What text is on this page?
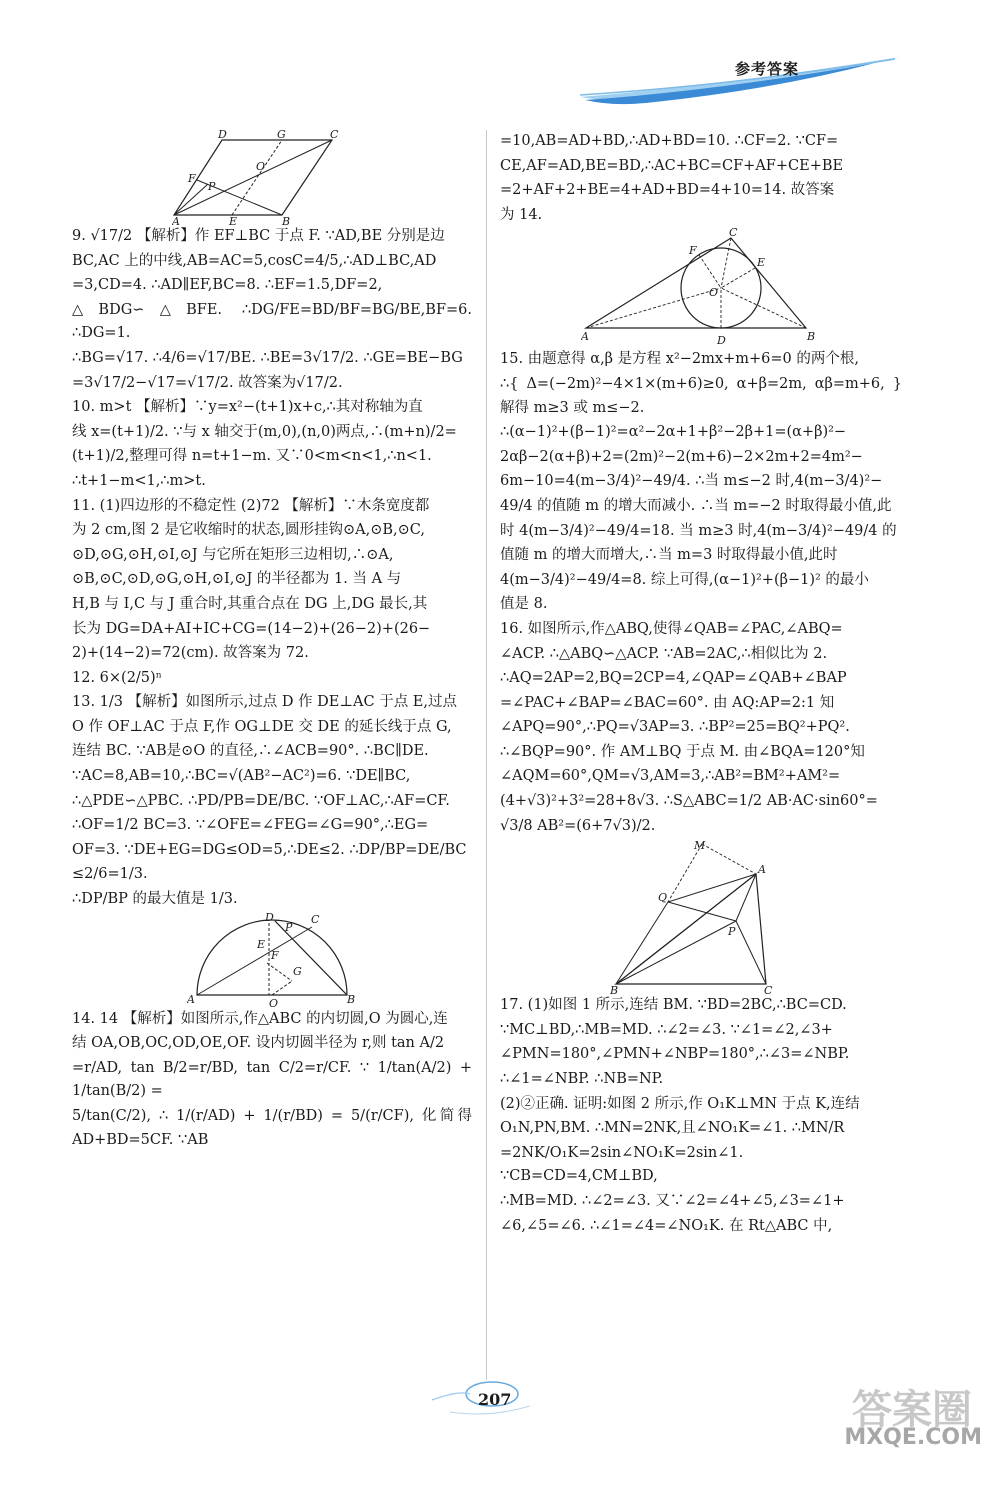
参考答案
D	G	C
O
F
P
A	E	B

9. √17/2 【解析】作 EF⊥BC 于点 F. ∵AD,BE 分别是边

BC,AC 上的中线,AB=AC=5,cosC=4/5,∴AD⊥BC,AD

=3,CD=4. ∴AD∥EF,BC=8. ∴EF=1.5,DF=2,

△BDG∽△BFE. ∴DG/FE=BD/BF=BG/BE,BF=6. ∴DG=1.

∴BG=√17. ∴4/6=√17/BE. ∴BE=3√17/2. ∴GE=BE−BG

=3√17/2−√17=√17/2. 故答案为√17/2.

10. m>t 【解析】∵y=x²−(t+1)x+c,∴其对称轴为直

线 x=(t+1)/2. ∵与 x 轴交于(m,0),(n,0)两点,∴(m+n)/2=

(t+1)/2,整理可得 n=t+1−m. 又∵0<m<n<1,∴n<1.

∴t+1−m<1,∴m>t.

11. (1)四边形的不稳定性 (2)72 【解析】∵木条宽度都

为 2 cm,图 2 是它收缩时的状态,圆形挂钩⊙A,⊙B,⊙C,

⊙D,⊙G,⊙H,⊙I,⊙J 与它所在矩形三边相切,∴⊙A,

⊙B,⊙C,⊙D,⊙G,⊙H,⊙I,⊙J 的半径都为 1. 当 A 与

H,B 与 I,C 与 J 重合时,其重合点在 DG 上,DG 最长,其

长为 DG=DA+AI+IC+CG=(14−2)+(26−2)+(26−

2)+(14−2)=72(cm). 故答案为 72.

12. 6×(2/5)ⁿ

13. 1/3 【解析】如图所示,过点 D 作 DE⊥AC 于点 E,过点

O 作 OF⊥AC 于点 F,作 OG⊥DE 交 DE 的延长线于点 G,

连结 BC. ∵AB是⊙O 的直径,∴∠ACB=90°. ∴BC∥DE.

∵AC=8,AB=10,∴BC=√(AB²−AC²)=6. ∵DE∥BC,

∴△PDE∽△PBC. ∴PD/PB=DE/BC. ∵OF⊥AC,∴AF=CF.

∴OF=1/2 BC=3. ∵∠OFE=∠FEG=∠G=90°,∴EG=

OF=3. ∵DE+EG=DG≤OD=5,∴DE≤2. ∴DP/BP=DE/BC

≤2/6=1/3.

∴DP/BP 的最大值是 1/3.

D
P
C
E
F
G
A	O	B

14. 14 【解析】如图所示,作△ABC 的内切圆,O 为圆心,连

结 OA,OB,OC,OD,OE,OF. 设内切圆半径为 r,则 tan A/2

=r/AD, tan B/2=r/BD, tan C/2=r/CF. ∵ 1/tan(A/2) + 1/tan(B/2) =

5/tan(C/2), ∴ 1/(r/AD) + 1/(r/BD) = 5/(r/CF), 化简得 AD+BD=5CF. ∵AB

=10,AB=AD+BD,∴AD+BD=10. ∴CF=2. ∵CF=

CE,AF=AD,BE=BD,∴AC+BC=CF+AF+CE+BE

=2+AF+2+BE=4+AD+BD=4+10=14. 故答案

为 14.

C
F
E
O
A	D	B

15. 由题意得 α,β 是方程 x²−2mx+m+6=0 的两个根,

∴{ Δ=(−2m)²−4×1×(m+6)≥0, α+β=2m, αβ=m+6, } 解得 m≥3 或 m≤−2.

∴(α−1)²+(β−1)²=α²−2α+1+β²−2β+1=(α+β)²−

2αβ−2(α+β)+2=(2m)²−2(m+6)−2×2m+2=4m²−

6m−10=4(m−3/4)²−49/4. ∴当 m≤−2 时,4(m−3/4)²−

49/4 的值随 m 的增大而减小. ∴当 m=−2 时取得最小值,此

时 4(m−3/4)²−49/4=18. 当 m≥3 时,4(m−3/4)²−49/4 的

值随 m 的增大而增大,∴当 m=3 时取得最小值,此时

4(m−3/4)²−49/4=8. 综上可得,(α−1)²+(β−1)² 的最小

值是 8.

16. 如图所示,作△ABQ,使得∠QAB=∠PAC,∠ABQ=

∠ACP. ∴△ABQ∽△ACP. ∵AB=2AC,∴相似比为 2.

∴AQ=2AP=2,BQ=2CP=4,∠QAP=∠QAB+∠BAP

=∠PAC+∠BAP=∠BAC=60°. 由 AQ:AP=2:1 知

∠APQ=90°,∴PQ=√3AP=3. ∴BP²=25=BQ²+PQ².

∴∠BQP=90°. 作 AM⊥BQ 于点 M. 由∠BQA=120°知

∠AQM=60°,QM=√3,AM=3,∴AB²=BM²+AM²=

(4+√3)²+3²=28+8√3. ∴S△ABC=1/2 AB·AC·sin60°=

√3/8 AB²=(6+7√3)/2.

M
A
Q
P
B	C

17. (1)如图 1 所示,连结 BM. ∵BD=2BC,∴BC=CD.

∵MC⊥BD,∴MB=MD. ∴∠2=∠3. ∵∠1=∠2,∠3+

∠PMN=180°,∠PMN+∠NBP=180°,∴∠3=∠NBP.

∴∠1=∠NBP. ∴NB=NP.

(2)②正确. 证明:如图 2 所示,作 O₁K⊥MN 于点 K,连结

O₁N,PN,BM. ∴MN=2NK,且∠NO₁K=∠1. ∴MN/R

=2NK/O₁K=2sin∠NO₁K=2sin∠1. ∵CB=CD=4,CM⊥BD,

∴MB=MD. ∴∠2=∠3. 又∵∠2=∠4+∠5,∠3=∠1+

∠6,∠5=∠6. ∴∠1=∠4=∠NO₁K. 在 Rt△ABC 中,

207	答案圈
MXQE.COM
